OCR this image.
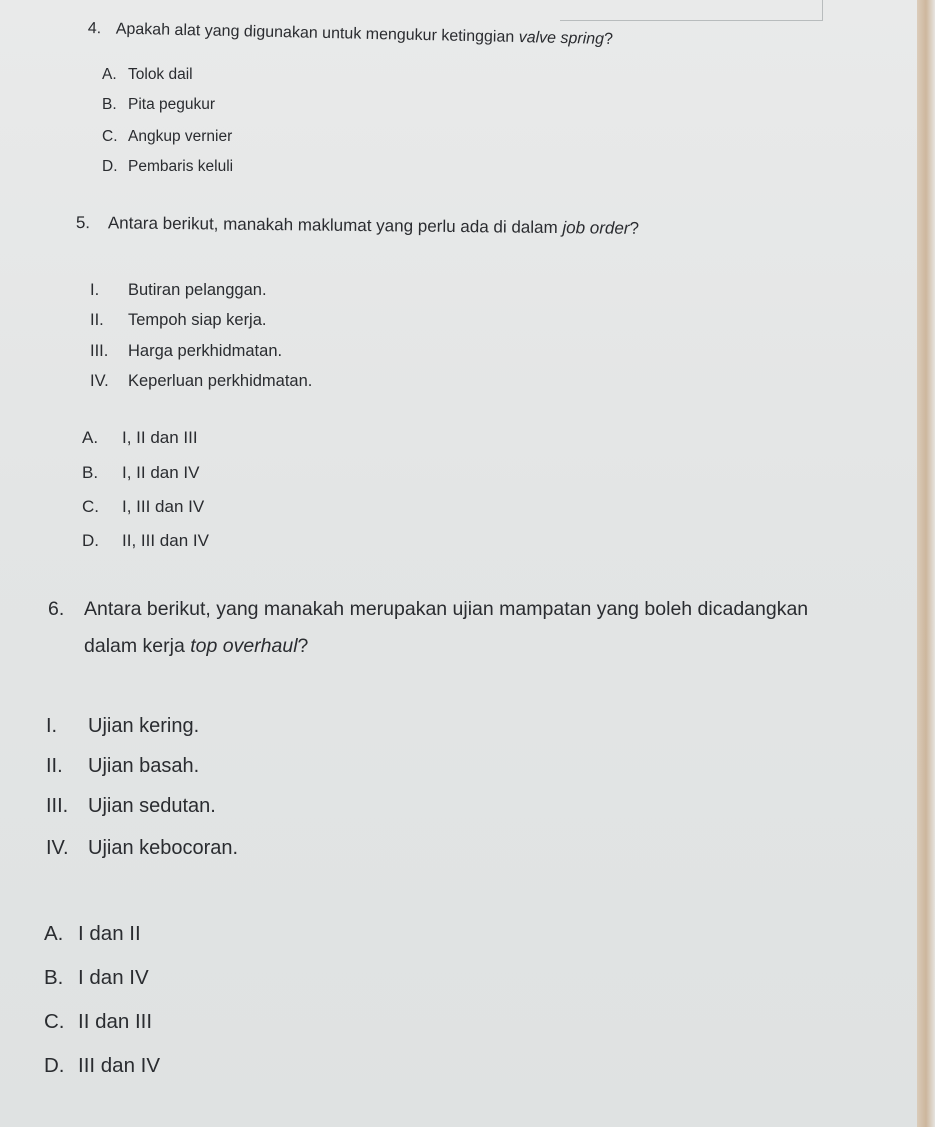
4. Apakah alat yang digunakan untuk mengukur ketinggian valve spring?

A. Tolok dail

B. Pita pegukur

C. Angkup vernier

D. Pembaris keluli

5. Antara berikut, manakah maklumat yang perlu ada di dalam job order?

I. Butiran pelanggan.

II. Tempoh siap kerja.

III. Harga perkhidmatan.

IV. Keperluan perkhidmatan.

A. I, II dan III

B. I, II dan IV

C. I, III dan IV

D. II, III dan IV

6. Antara berikut, yang manakah merupakan ujian mampatan yang boleh dicadangkan

dalam kerja top overhaul?

I. Ujian kering.

II. Ujian basah.

III. Ujian sedutan.

IV. Ujian kebocoran.

A. I dan II

B. I dan IV

C. II dan III

D. III dan IV
